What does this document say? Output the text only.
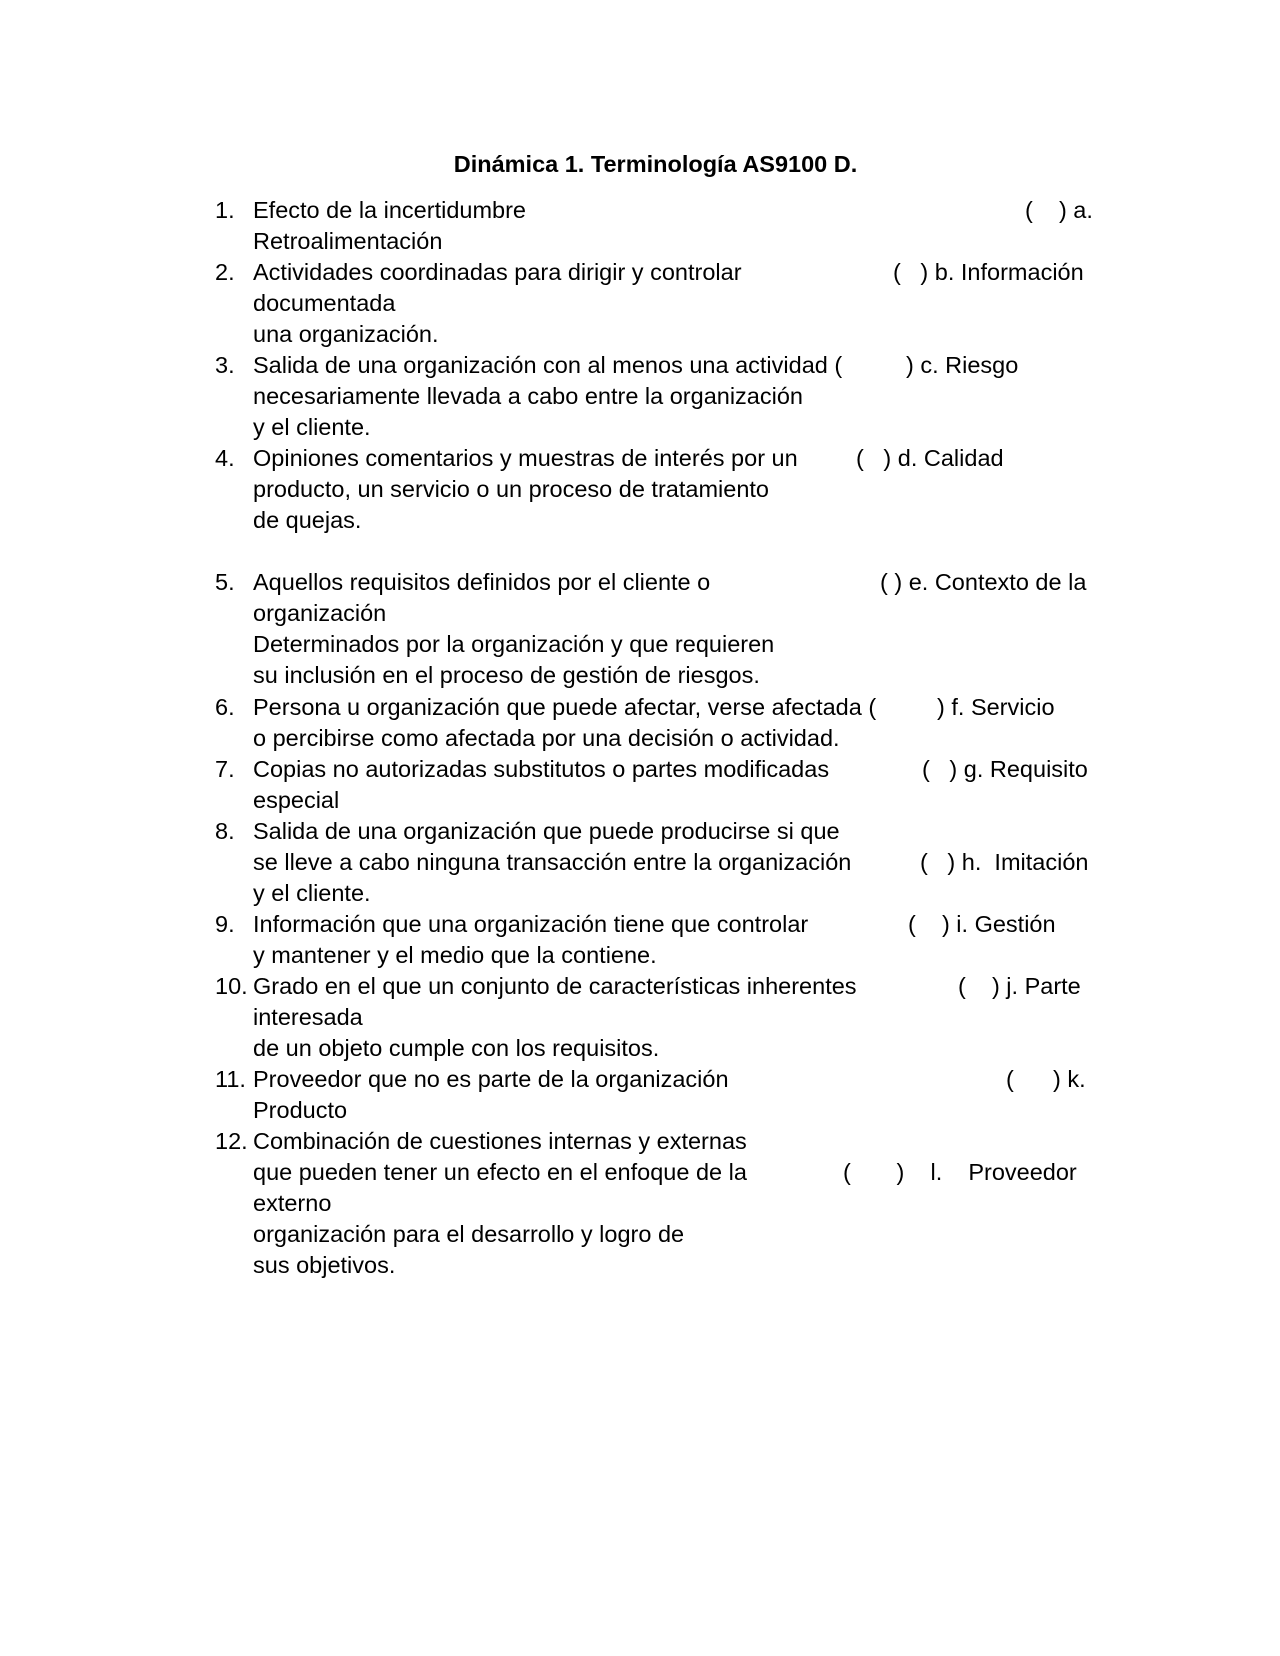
Dinámica 1. Terminología AS9100 D.
1. Efecto de la incertidumbre	(    ) a.
Retroalimentación
2. Actividades coordinadas para dirigir y controlar	(   ) b. Información
documentada
una organización.
3. Salida de una organización con al menos una actividad (	) c. Riesgo
necesariamente llevada a cabo entre la organización
y el cliente.
4. Opiniones comentarios y muestras de interés por un (   ) d. Calidad
producto, un servicio o un proceso de tratamiento
de quejas.
5. Aquellos requisitos definidos por el cliente o	( ) e. Contexto de la
organización
Determinados por la organización y que requieren
su inclusión en el proceso de gestión de riesgos.
6. Persona u organización que puede afectar, verse afectada (	) f. Servicio
o percibirse como afectada por una decisión o actividad.
7. Copias no autorizadas substitutos o partes modificadas	(   ) g. Requisito
especial
8. Salida de una organización que puede producirse si que
se lleve a cabo ninguna transacción entre la organización	(   ) h.  Imitación
y el cliente.
9. Información que una organización tiene que controlar	(    ) i. Gestión
y mantener y el medio que la contiene.
10. Grado en el que un conjunto de características inherentes	(    ) j. Parte
interesada
de un objeto cumple con los requisitos.
11. Proveedor que no es parte de la organización	(      ) k.
Producto
12. Combinación de cuestiones internas y externas
que pueden tener un efecto en el enfoque de la	(       )    l.    Proveedor
externo
organización para el desarrollo y logro de
sus objetivos.
